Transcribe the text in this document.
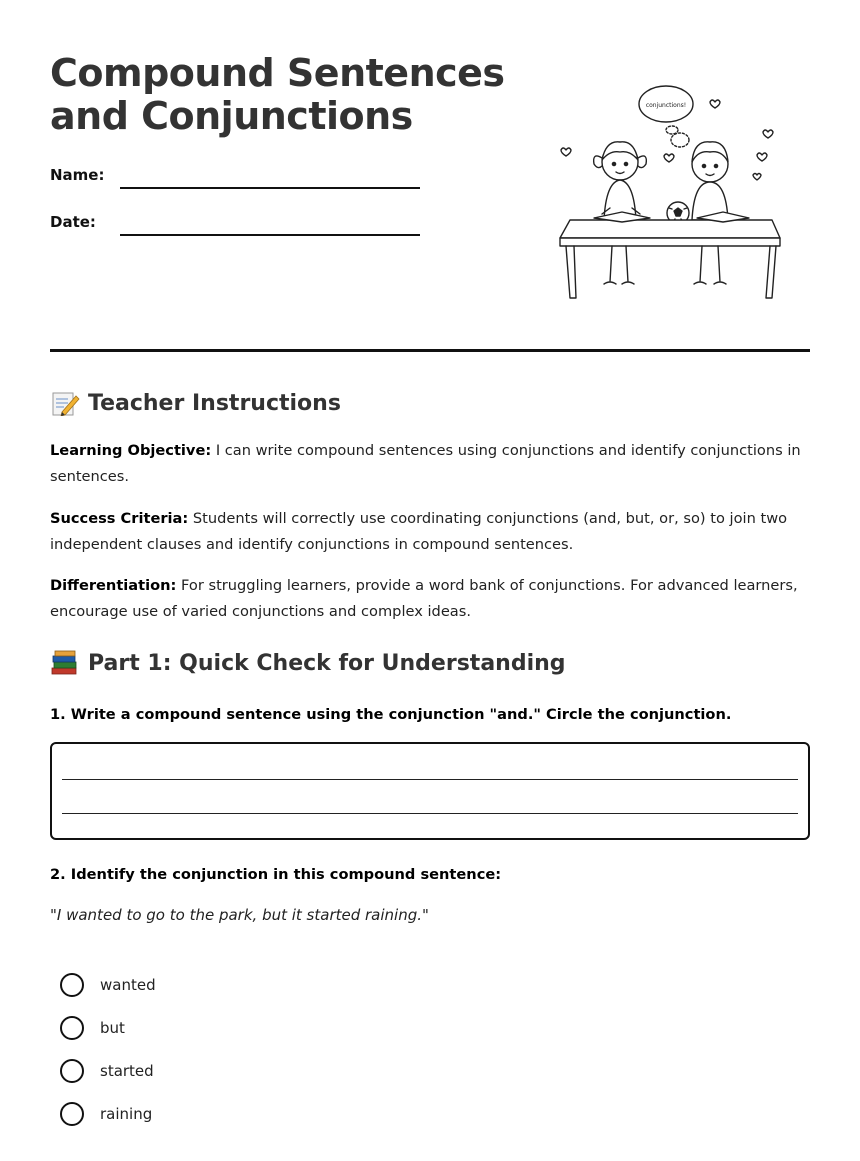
Compound Sentences
and Conjunctions
Name:
Date:
conjunctions!
Teacher Instructions

Learning Objective: I can write compound sentences using conjunctions and identify conjunctions in sentences.

Success Criteria: Students will correctly use coordinating conjunctions (and, but, or, so) to join two independent clauses and identify conjunctions in compound sentences.

Differentiation: For struggling learners, provide a word bank of conjunctions. For advanced learners, encourage use of varied conjunctions and complex ideas.

Part 1: Quick Check for Understanding

1. Write a compound sentence using the conjunction "and." Circle the conjunction.

2. Identify the conjunction in this compound sentence:

"I wanted to go to the park, but it started raining."

wanted
but
started
raining
